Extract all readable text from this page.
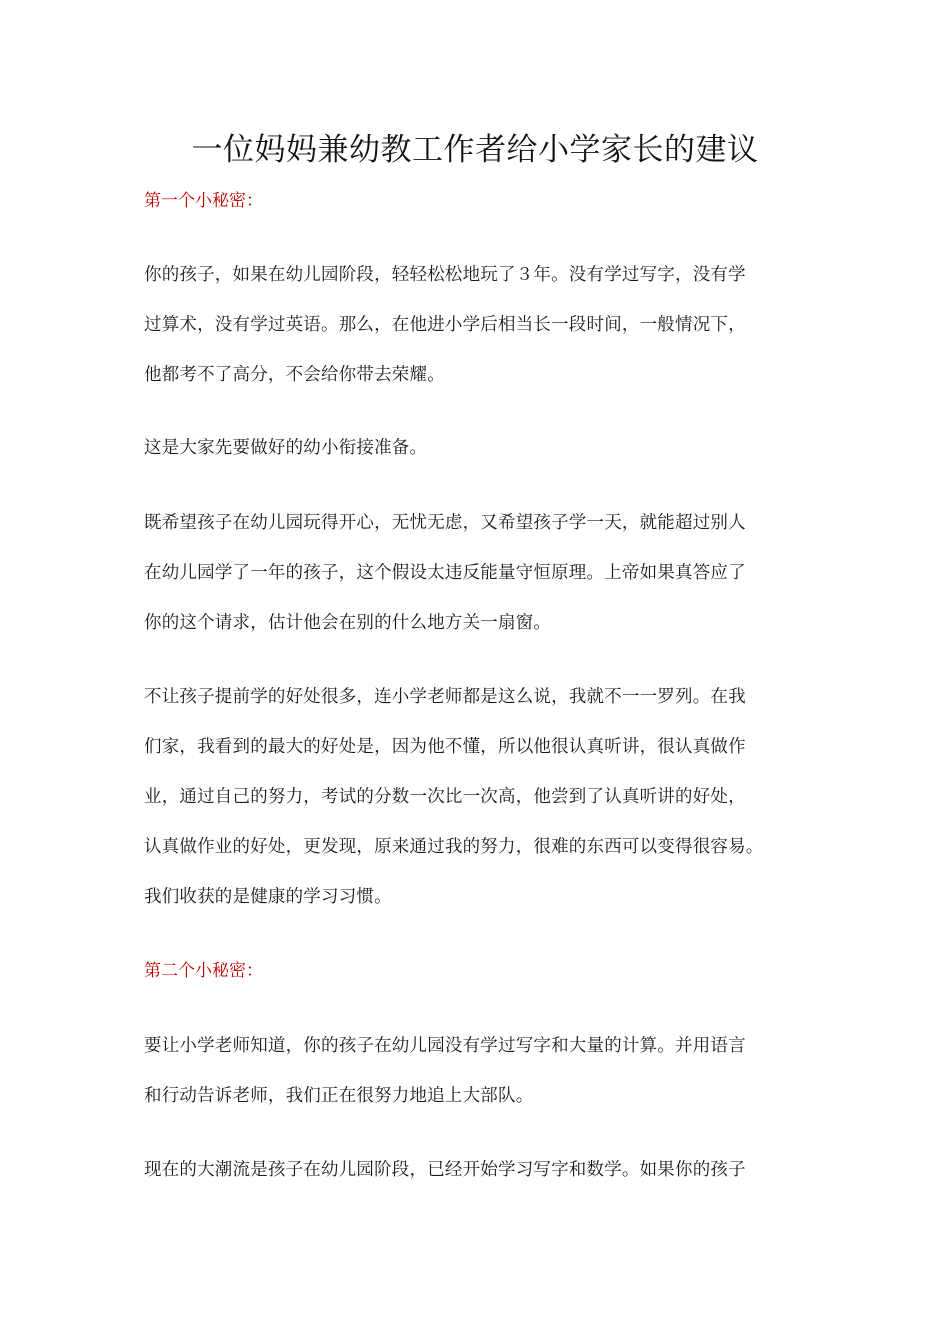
一位妈妈兼幼教工作者给小学家长的建议

第一个小秘密：

你的孩子，如果在幼儿园阶段，轻轻松松地玩了３年。没有学过写字，没有学
过算术，没有学过英语。那么，在他进小学后相当长一段时间，一般情况下，
他都考不了高分，不会给你带去荣耀。
这是大家先要做好的幼小衔接准备。
既希望孩子在幼儿园玩得开心，无忧无虑，又希望孩子学一天，就能超过别人
在幼儿园学了一年的孩子，这个假设太违反能量守恒原理。上帝如果真答应了
你的这个请求，估计他会在别的什么地方关一扇窗。
不让孩子提前学的好处很多，连小学老师都是这么说，我就不一一罗列。在我
们家，我看到的最大的好处是，因为他不懂，所以他很认真听讲，很认真做作
业，通过自己的努力，考试的分数一次比一次高，他尝到了认真听讲的好处，
认真做作业的好处，更发现，原来通过我的努力，很难的东西可以变得很容易。
我们收获的是健康的学习习惯。

第二个小秘密：

要让小学老师知道，你的孩子在幼儿园没有学过写字和大量的计算。并用语言
和行动告诉老师，我们正在很努力地追上大部队。
现在的大潮流是孩子在幼儿园阶段，已经开始学习写字和数学。如果你的孩子
